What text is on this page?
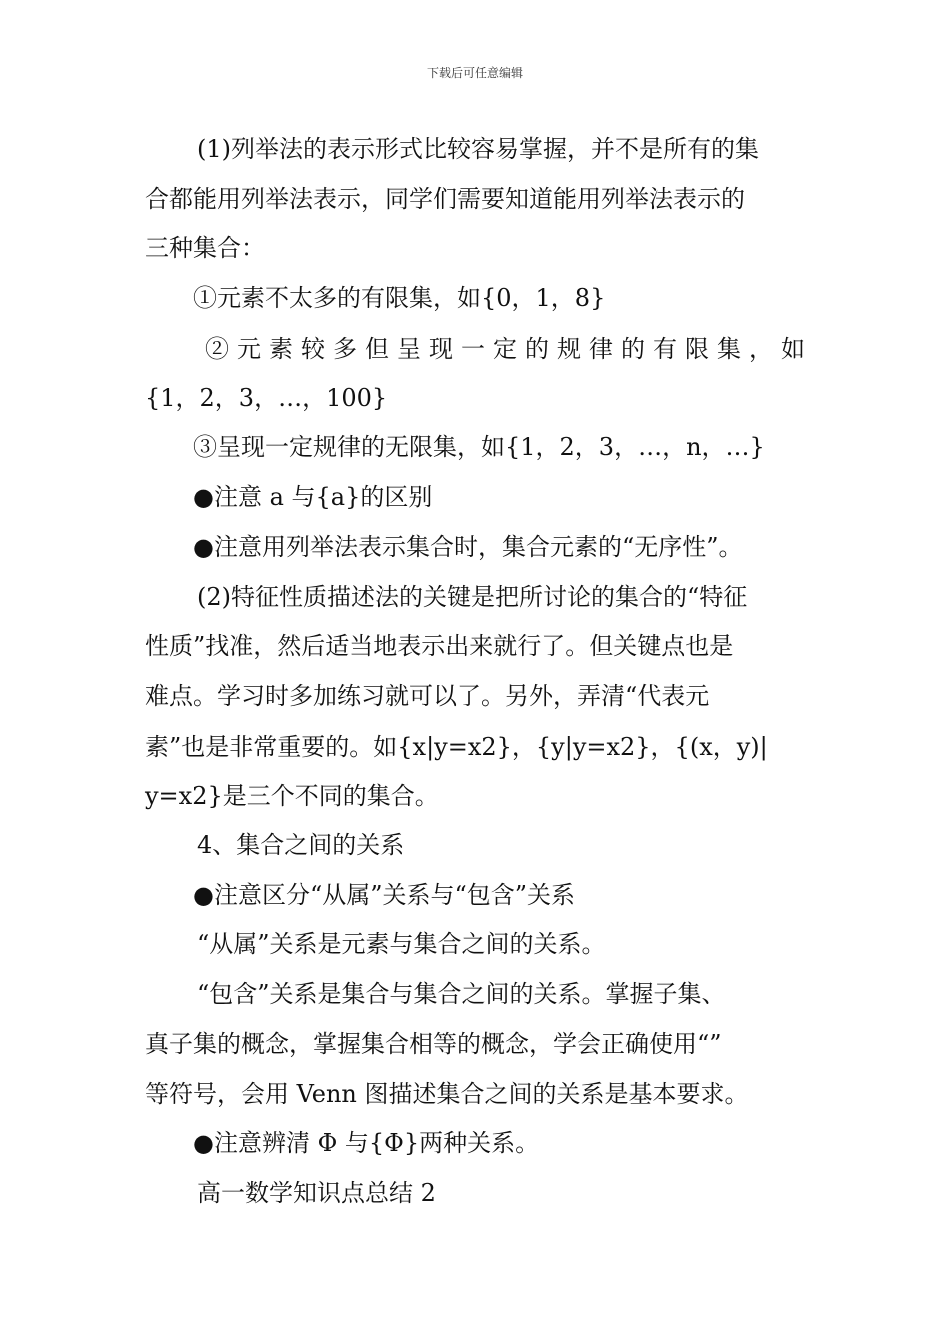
下载后可任意编辑
(1)列举法的表示形式比较容易掌握，并不是所有的集
合都能用列举法表示，同学们需要知道能用列举法表示的
三种集合：
①元素不太多的有限集，如{0，1，8}
②元素较多但呈现一定的规律的有限集，如
{1，2，3，…，100}
③呈现一定规律的无限集，如{1，2，3，…，n，…}
●注意 a 与{a}的区别
●注意用列举法表示集合时，集合元素的“无序性”。
(2)特征性质描述法的关键是把所讨论的集合的“特征
性质”找准，然后适当地表示出来就行了。但关键点也是
难点。学习时多加练习就可以了。另外，弄清“代表元
素”也是非常重要的。如{x|y=x2}，{y|y=x2}，{(x，y)|
y=x2}是三个不同的集合。
4、集合之间的关系
●注意区分“从属”关系与“包含”关系
“从属”关系是元素与集合之间的关系。
“包含”关系是集合与集合之间的关系。掌握子集、
真子集的概念，掌握集合相等的概念，学会正确使用“”
等符号，会用 Venn 图描述集合之间的关系是基本要求。
●注意辨清 Φ 与{Φ}两种关系。
高一数学知识点总结 2
